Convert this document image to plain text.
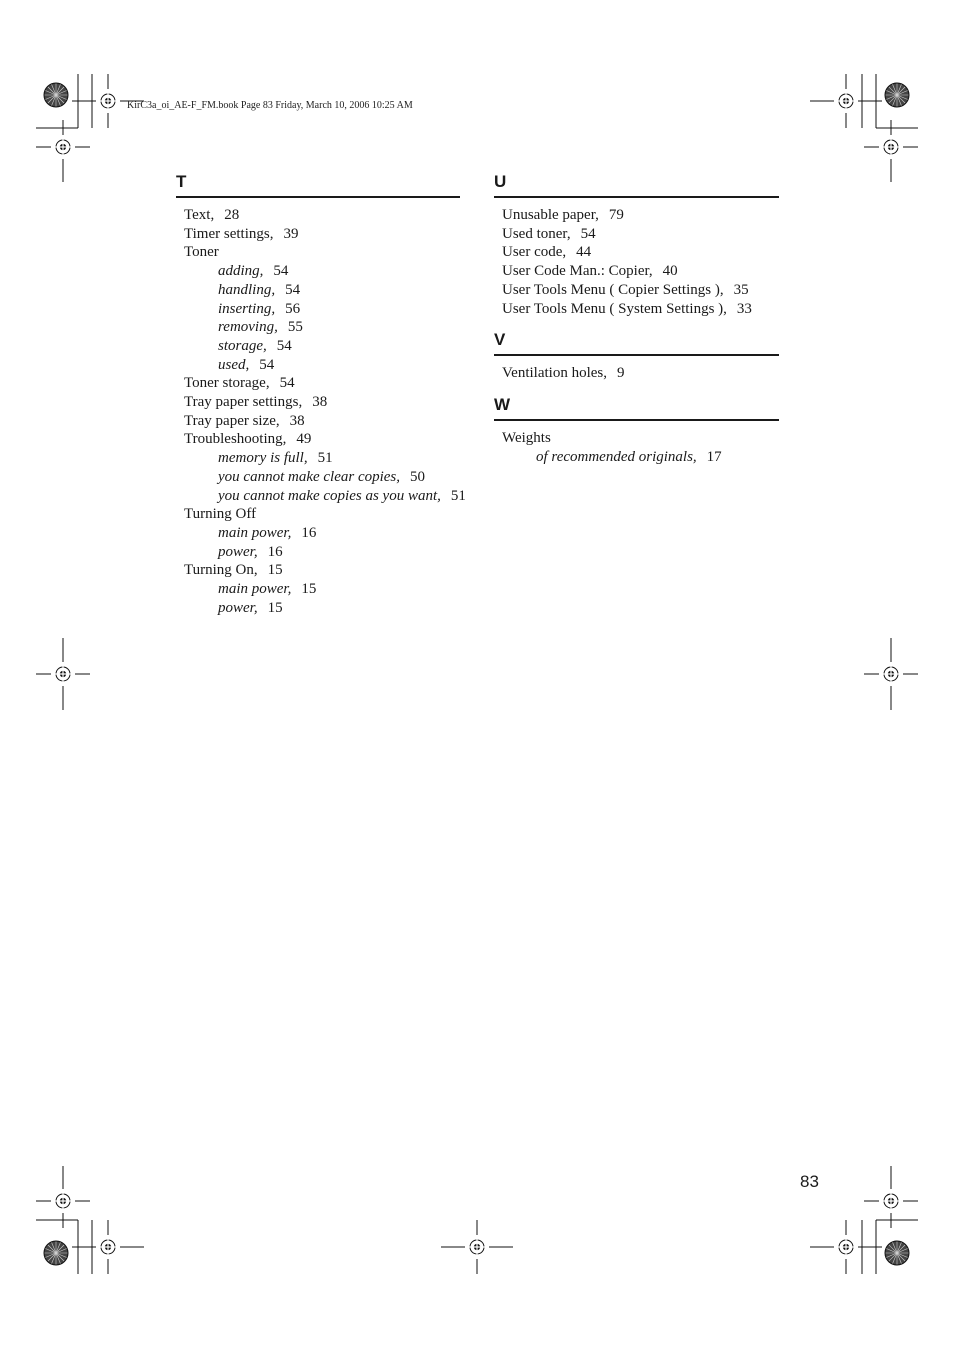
KirC3a_oi_AE-F_FM.book Page 83 Friday, March 10, 2006 10:25 AM
T
Text, 28
Timer settings, 39
Toner
adding, 54
handling, 54
inserting, 56
removing, 55
storage, 54
used, 54
Toner storage, 54
Tray paper settings, 38
Tray paper size, 38
Troubleshooting, 49
memory is full, 51
you cannot make clear copies, 50
you cannot make copies as you want, 51
Turning Off
main power, 16
power, 16
Turning On, 15
main power, 15
power, 15
U
Unusable paper, 79
Used toner, 54
User code, 44
User Code Man.: Copier, 40
User Tools Menu ( Copier Settings ), 35
User Tools Menu ( System Settings ), 33
V
Ventilation holes, 9
W
Weights
of recommended originals, 17
83
